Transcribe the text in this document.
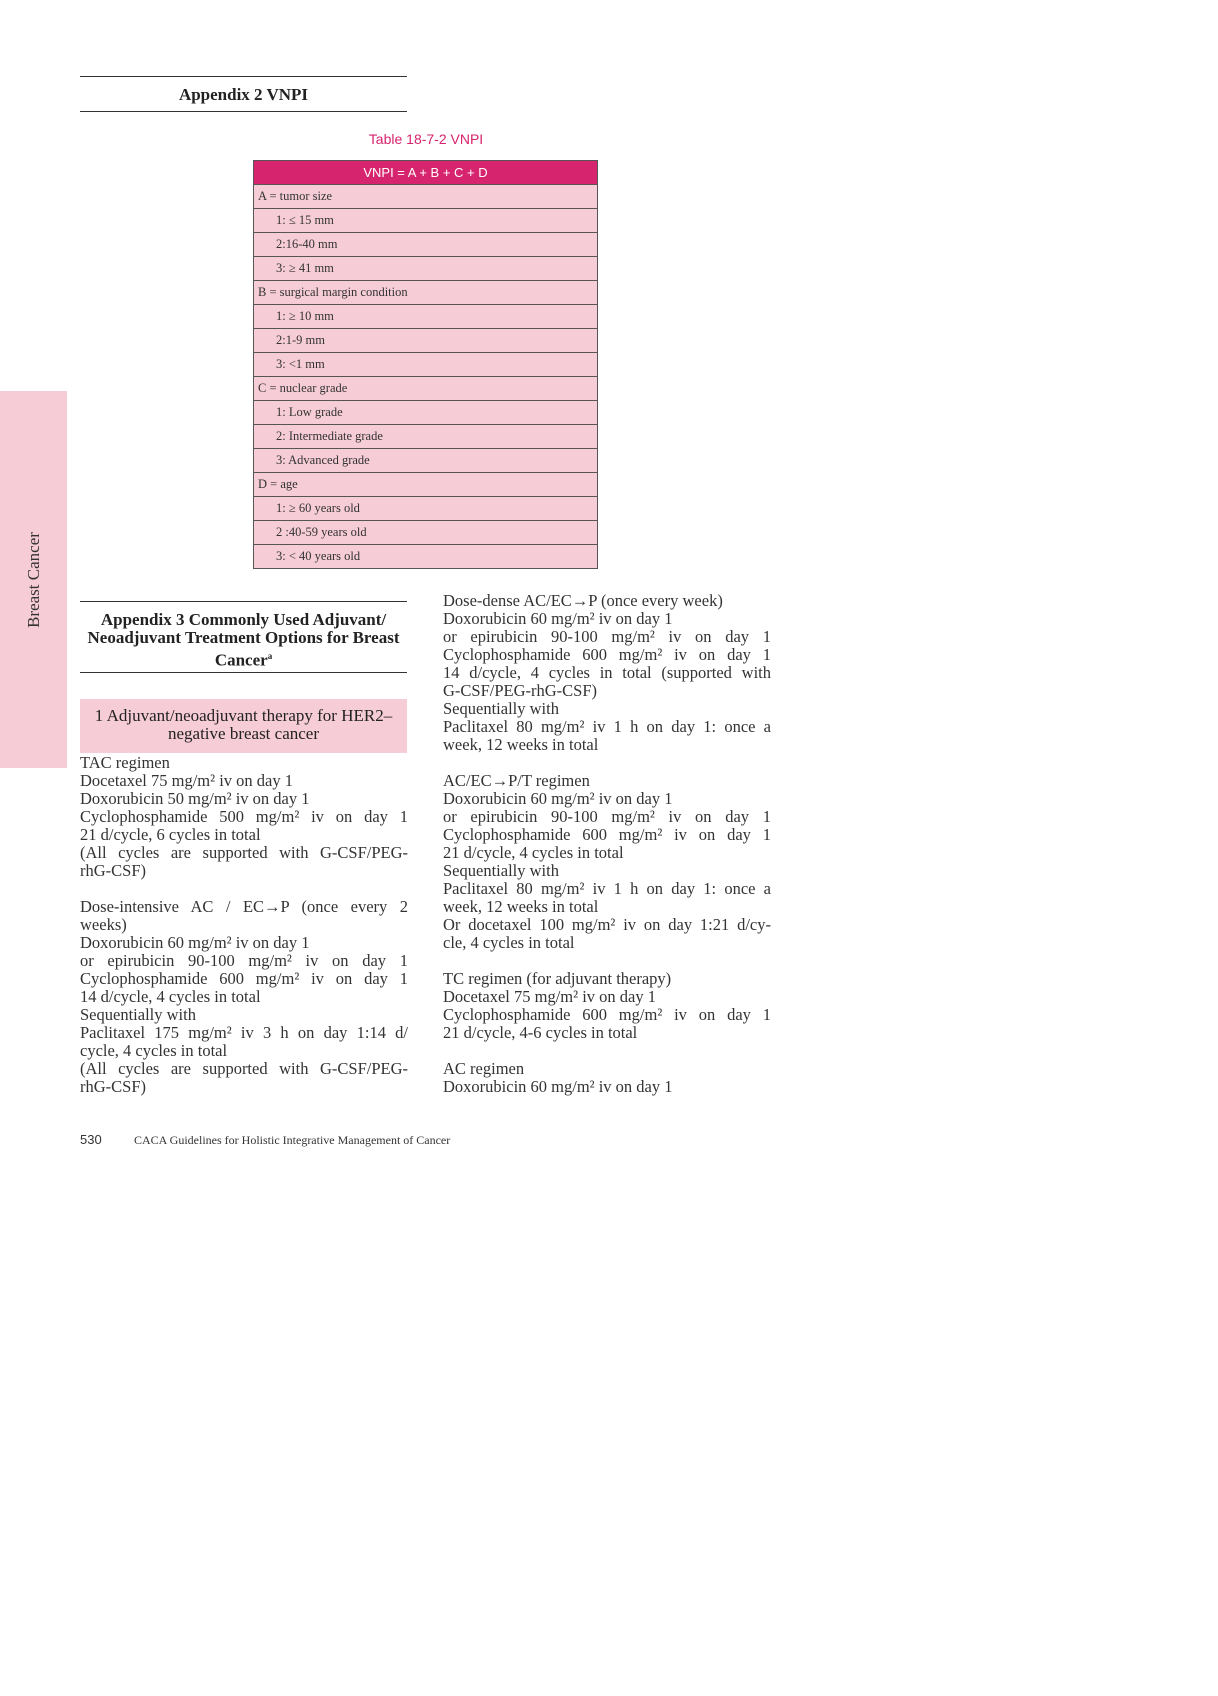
Breast Cancer
Appendix 2 VNPI
Table 18-7-2 VNPI
VNPI = A + B + C + D
A = tumor size
1: ≤ 15 mm
2:16-40 mm
3: ≥ 41 mm
B = surgical margin condition
1: ≥ 10 mm
2:1-9 mm
3: <1 mm
C = nuclear grade
1: Low grade
2: Intermediate grade
3: Advanced grade
D = age
1: ≥ 60 years old
2 :40-59 years old
3: < 40 years old
Appendix 3 Commonly Used Adjuvant/ Neoadjuvant Treatment Options for Breast Cancer$^a$
1 Adjuvant/neoadjuvant therapy for HER2–negative breast cancer
TAC regimen
Docetaxel 75 mg/m² iv on day 1
Doxorubicin 50 mg/m² iv on day 1
Cyclophosphamide 500 mg/m² iv on day 1
21 d/cycle, 6 cycles in total
(All cycles are supported with G-CSF/PEG-
rhG-CSF)
Dose-intensive AC / EC→P (once every 2
weeks)
Doxorubicin 60 mg/m² iv on day 1
or epirubicin 90-100 mg/m² iv on day 1
Cyclophosphamide 600 mg/m² iv on day 1
14 d/cycle, 4 cycles in total
Sequentially with
Paclitaxel 175 mg/m² iv 3 h on day 1:14 d/
cycle, 4 cycles in total
(All cycles are supported with G-CSF/PEG-
rhG-CSF)
Dose-dense AC/EC→P (once every week)
Doxorubicin 60 mg/m² iv on day 1
or epirubicin 90-100 mg/m² iv on day 1
Cyclophosphamide 600 mg/m² iv on day 1
14 d/cycle, 4 cycles in total (supported with
G-CSF/PEG-rhG-CSF)
Sequentially with
Paclitaxel 80 mg/m² iv 1 h on day 1: once a
week, 12 weeks in total
AC/EC→P/T regimen
Doxorubicin 60 mg/m² iv on day 1
or epirubicin 90-100 mg/m² iv on day 1
Cyclophosphamide 600 mg/m² iv on day 1
21 d/cycle, 4 cycles in total
Sequentially with
Paclitaxel 80 mg/m² iv 1 h on day 1: once a
week, 12 weeks in total
Or docetaxel 100 mg/m² iv on day 1:21 d/cy-
cle, 4 cycles in total
TC regimen (for adjuvant therapy)
Docetaxel 75 mg/m² iv on day 1
Cyclophosphamide 600 mg/m² iv on day 1
21 d/cycle, 4-6 cycles in total
AC regimen
Doxorubicin 60 mg/m² iv on day 1
530	CACA Guidelines for Holistic Integrative Management of Cancer
